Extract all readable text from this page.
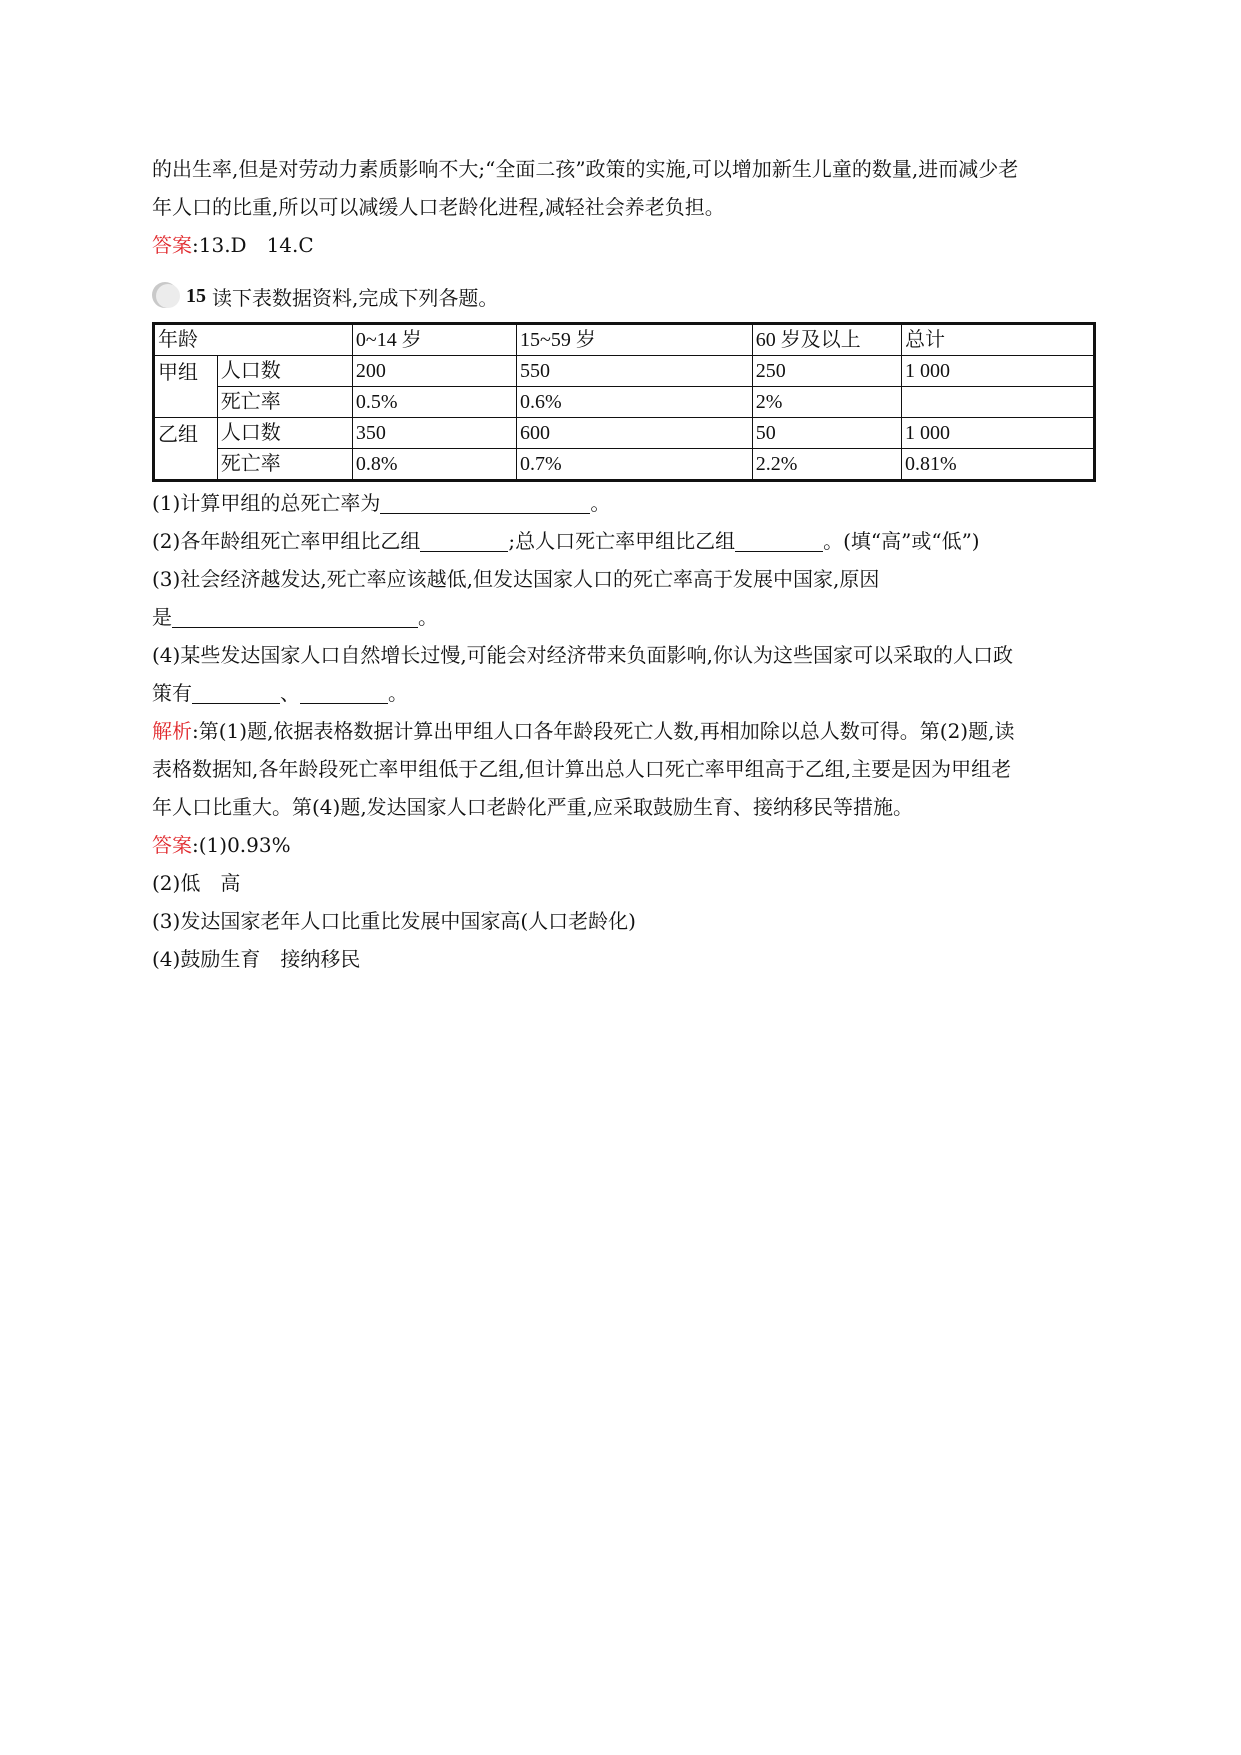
的出生率,但是对劳动力素质影响不大;“全面二孩”政策的实施,可以增加新生儿童的数量,进而减少老
年人口的比重,所以可以减缓人口老龄化进程,减轻社会养老负担。
答案:13.D　14.C
15 读下表数据资料,完成下列各题。
年龄		0~14 岁	15~59 岁	60 岁及以上	总计
甲组	人口数	200	550	250	1 000
	死亡率	0.5%	0.6%	2%	
乙组	人口数	350	600	50	1 000
	死亡率	0.8%	0.7%	2.2%	0.81%
(1)计算甲组的总死亡率为	。
(2)各年龄组死亡率甲组比乙组	;总人口死亡率甲组比乙组	。(填“高”或“低”)
(3)社会经济越发达,死亡率应该越低,但发达国家人口的死亡率高于发展中国家,原因
是	。
(4)某些发达国家人口自然增长过慢,可能会对经济带来负面影响,你认为这些国家可以采取的人口政
策有	、	。
解析:第(1)题,依据表格数据计算出甲组人口各年龄段死亡人数,再相加除以总人数可得。第(2)题,读
表格数据知,各年龄段死亡率甲组低于乙组,但计算出总人口死亡率甲组高于乙组,主要是因为甲组老
年人口比重大。第(4)题,发达国家人口老龄化严重,应采取鼓励生育、接纳移民等措施。
答案:(1)0.93%
(2)低　高
(3)发达国家老年人口比重比发展中国家高(人口老龄化)
(4)鼓励生育　接纳移民
